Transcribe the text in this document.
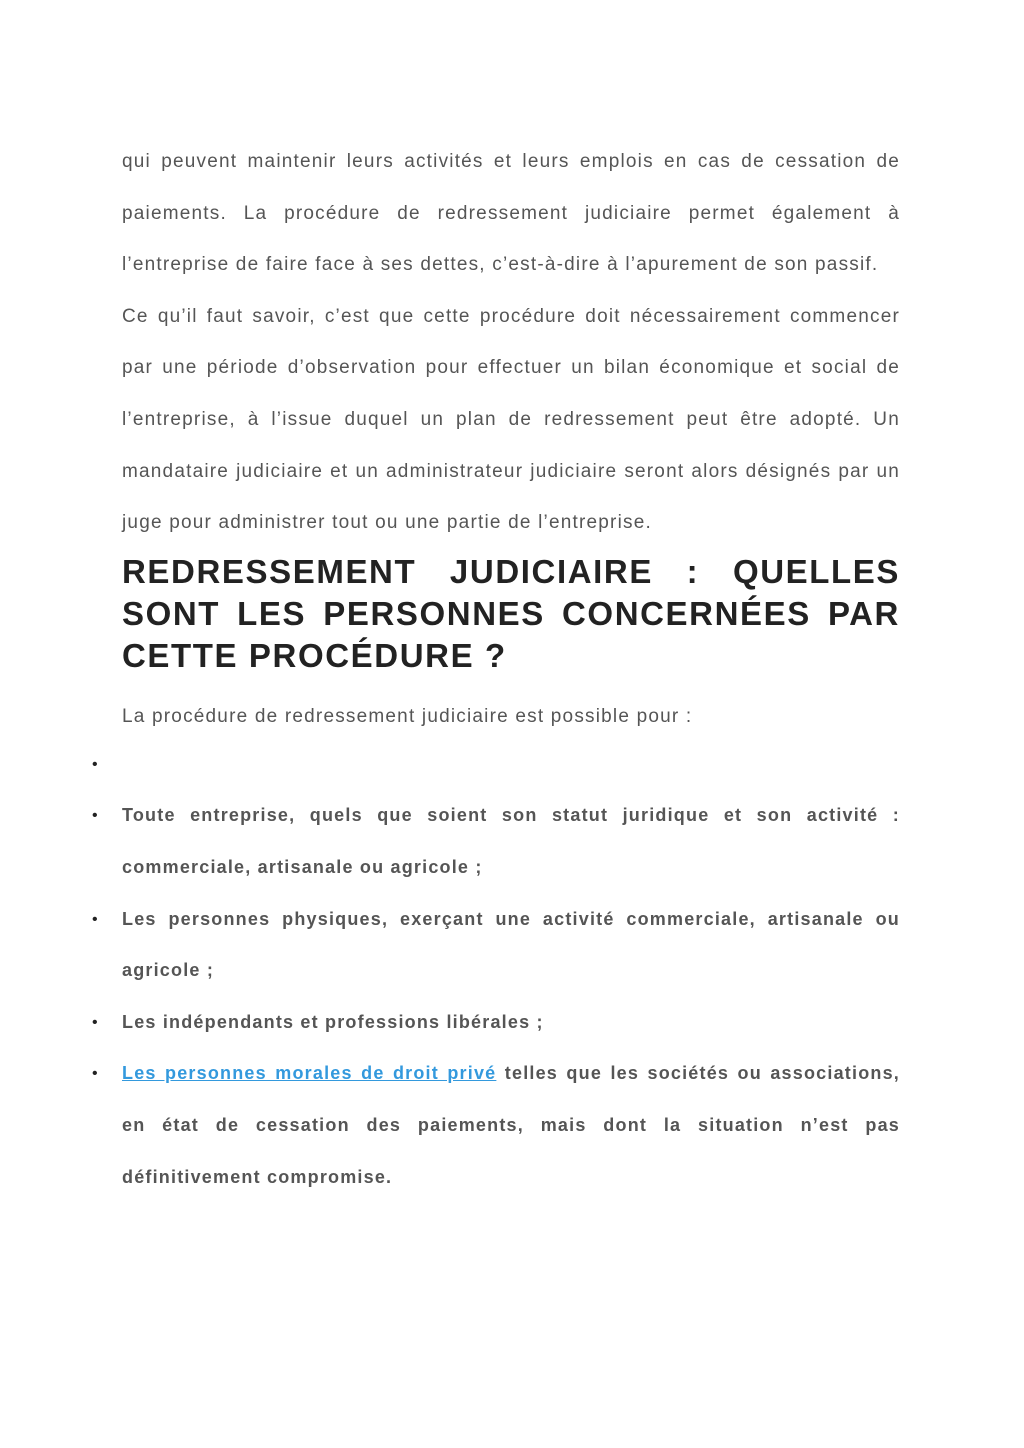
qui peuvent maintenir leurs activités et leurs emplois en cas de cessation de paiements. La procédure de redressement judiciaire permet également à l’entreprise de faire face à ses dettes, c’est-à-dire à l’apurement de son passif.

Ce qu’il faut savoir, c’est que cette procédure doit nécessairement commencer par une période d’observation pour effectuer un bilan économique et social de l’entreprise, à l’issue duquel un plan de redressement peut être adopté. Un mandataire judiciaire et un administrateur judiciaire seront alors désignés par un juge pour administrer tout ou une partie de l’entreprise.

REDRESSEMENT JUDICIAIRE : QUELLES SONT LES PERSONNES CONCERNÉES PAR CETTE PROCÉDURE ?

La procédure de redressement judiciaire est possible pour :

•
• Toute entreprise, quels que soient son statut juridique et son activité : commerciale, artisanale ou agricole ;
• Les personnes physiques, exerçant une activité commerciale, artisanale ou agricole ;
• Les indépendants et professions libérales ;
• Les personnes morales de droit privé telles que les sociétés ou associations, en état de cessation des paiements, mais dont la situation n’est pas définitivement compromise.
